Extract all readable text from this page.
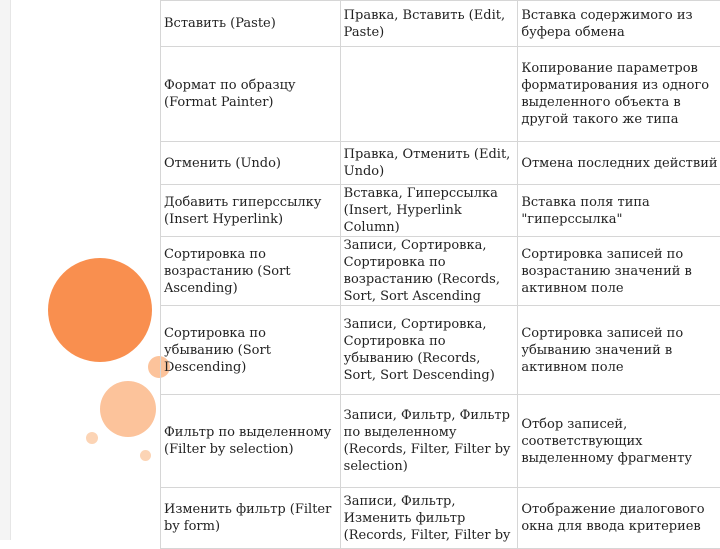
Вставить (Paste)	Правка, Вставить (Edit, Paste)	Вставка содержимого из буфера обмена
Формат по образцу (Format Painter)		Копирование параметров форматирования из одного выделенного объекта в другой такого же типа
Отменить (Undo)	Правка, Отменить (Edit, Undo)	Отмена последних действий
Добавить гиперссылку (Insert Hyperlink)	Вставка, Гиперссылка (Insert, Hyperlink Column)	Вставка поля типа "гиперссылка"
Сортировка по возрастанию (Sort Ascending)	Записи, Сортировка, Сортировка по возрастанию (Records, Sort, Sort Ascending	Сортировка записей по возрастанию значений в активном поле
Сортировка по убыванию (Sort Descending)	Записи, Сортировка, Сортировка по убыванию (Records, Sort, Sort Descending)	Сортировка записей по убыванию значений в активном поле
Фильтр по выделенному (Filter by selection)	Записи, Фильтр, Фильтр по выделенному (Records, Filter, Filter by selection)	Отбор записей, соответствующих выделенному фрагменту
Изменить фильтр (Filter by form)	Записи, Фильтр, Изменить фильтр (Records, Filter, Filter by	Отображение диалогового окна для ввода критериев
